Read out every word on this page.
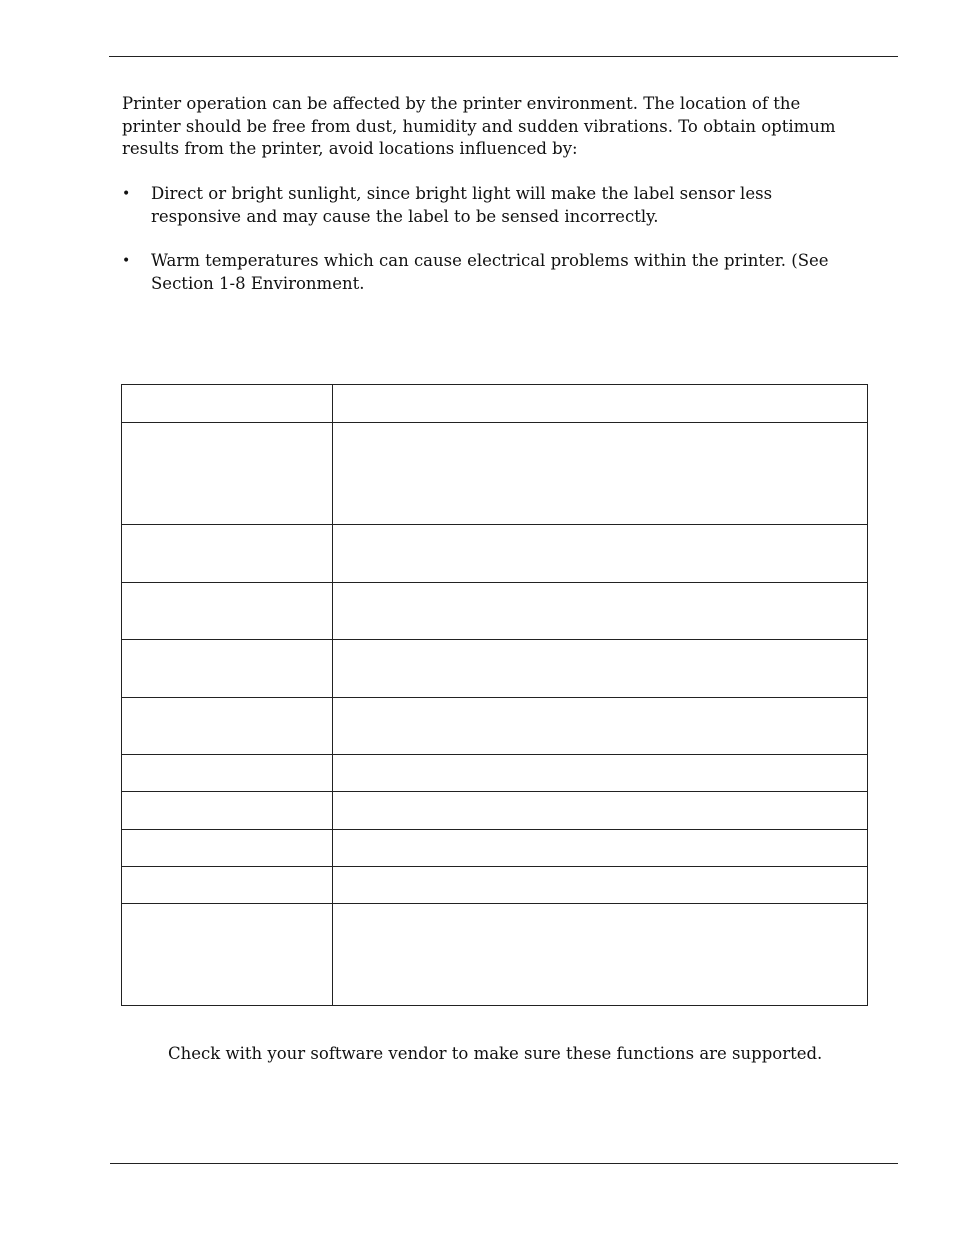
Printer operation can be affected by the printer environment. The location of the printer should be free from dust, humidity and sudden vibrations. To obtain optimum results from the printer, avoid locations influenced by:

• Direct or bright sunlight, since bright light will make the label sensor less responsive and may cause the label to be sensed incorrectly.
• Warm temperatures which can cause electrical problems within the printer. (See Section 1-8 Environment.

Check with your software vendor to make sure these functions are supported.
